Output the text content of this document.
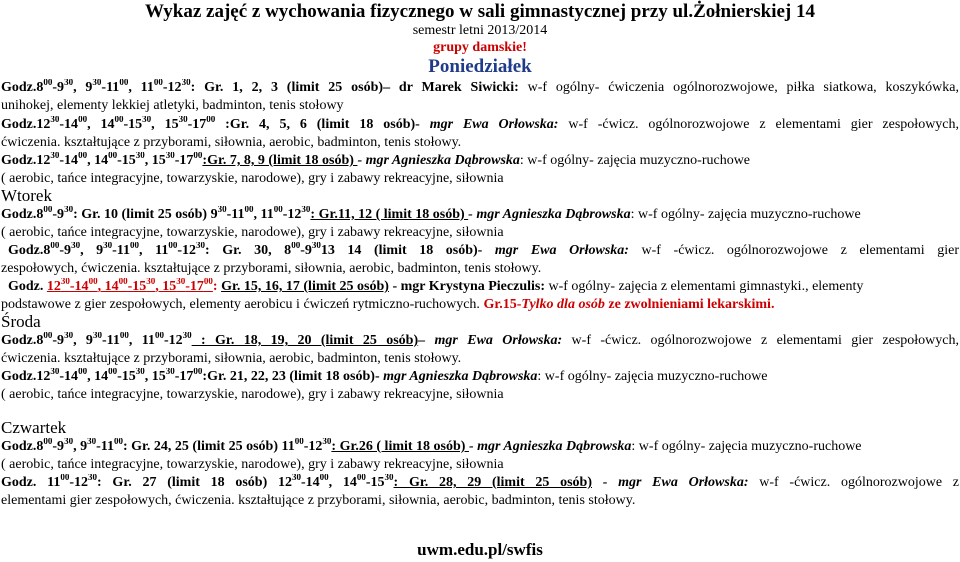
Wykaz zajęć z wychowania fizycznego w sali gimnastycznej przy ul.Żołnierskiej 14
semestr letni 2013/2014
grupy damskie!
Poniedziałek
$Godz.8^{00}-9^{30}$, $9^{30}-11^{00}$, $11^{00}-12^{30}$: Gr. 1, 2, 3 (limit 25 osób)– dr Marek Siwicki: w-f ogólny- ćwiczenia ogólnorozwojowe, piłka siatkowa, koszykówka,
unihokej, elementy lekkiej atletyki, badminton, tenis stołowy
$Godz.12^{30}-14^{00}$, $14^{00}-15^{30}$, $15^{30}-17^{00}$ :Gr. 4, 5, 6 (limit 18 osób)- mgr Ewa Orłowska: w-f -ćwicz. ogólnorozwojowe z elementami gier zespołowych,
ćwiczenia. kształtujące z przyborami, siłownia, aerobic, badminton, tenis stołowy.
$Godz.12^{30}-14^{00}$, $14^{00}-15^{30}$, $15^{30}-17^{00}:Gr$. 7, 8, 9 (limit 18 osób) - mgr Agnieszka Dąbrowska: w-f ogólny- zajęcia muzyczno-ruchowe
( aerobic, tańce integracyjne, towarzyskie, narodowe), gry i zabawy rekreacyjne, siłownia
Wtorek
$Godz.8^{00}-9^{30}$: Gr. 10 (limit 25 osób) $9^{30}-11^{00}$, $11^{00}-12^{30}$: Gr.11, 12 ( limit 18 osób) - mgr Agnieszka Dąbrowska: w-f ogólny- zajęcia muzyczno-ruchowe
( aerobic, tańce integracyjne, towarzyskie, narodowe), gry i zabawy rekreacyjne, siłownia
$Godz.8^{00}-9^{30}$, $9^{30}-11^{00}$, $11^{00}-12^{30}$: Gr. 30, $8^{00}-9^{30}13$ 14 (limit 18 osób)- mgr Ewa Orłowska: w-f -ćwicz. ogólnorozwojowe z elementami gier
zespołowych, ćwiczenia. kształtujące z przyborami, siłownia, aerobic, badminton, tenis stołowy.
Godz. $12^{30}-14^{00}$, $14^{00}-15^{30}$, $15^{30}-17^{00}$: Gr. 15, 16, 17 (limit 25 osób) - mgr Krystyna Pieczulis: w-f ogólny- zajęcia z elementami gimnastyki., elementy
podstawowe z gier zespołowych, elementy aerobicu i ćwiczeń rytmiczno-ruchowych. Gr.15-Tylko dla osób ze zwolnieniami lekarskimi.
Środa
$Godz.8^{00}-9^{30}$, $9^{30}-11^{00}$, $11^{00}-12^{30}$ : Gr. 18, 19, 20 (limit 25 osób)– mgr Ewa Orłowska: w-f -ćwicz. ogólnorozwojowe z elementami gier zespołowych,
ćwiczenia. kształtujące z przyborami, siłownia, aerobic, badminton, tenis stołowy.
$Godz.12^{30}-14^{00}$, $14^{00}-15^{30}$, $15^{30}-17^{00}:Gr$. 21, 22, 23 (limit 18 osób)- mgr Agnieszka Dąbrowska: w-f ogólny- zajęcia muzyczno-ruchowe
( aerobic, tańce integracyjne, towarzyskie, narodowe), gry i zabawy rekreacyjne, siłownia
Czwartek
$Godz.8^{00}-9^{30}$, $9^{30}-11^{00}$: Gr. 24, 25 (limit 25 osób) $11^{00}-12^{30}$: Gr.26 ( limit 18 osób) - mgr Agnieszka Dąbrowska: w-f ogólny- zajęcia muzyczno-ruchowe
( aerobic, tańce integracyjne, towarzyskie, narodowe), gry i zabawy rekreacyjne, siłownia
Godz. $11^{00}-12^{30}$: Gr. 27 (limit 18 osób) $12^{30}-14^{00}$, $14^{00}-15^{30}$: Gr. 28, 29 (limit 25 osób) - mgr Ewa Orłowska: w-f -ćwicz. ogólnorozwojowe z
elementami gier zespołowych, ćwiczenia. kształtujące z przyborami, siłownia, aerobic, badminton, tenis stołowy.
uwm.edu.pl/swfis
